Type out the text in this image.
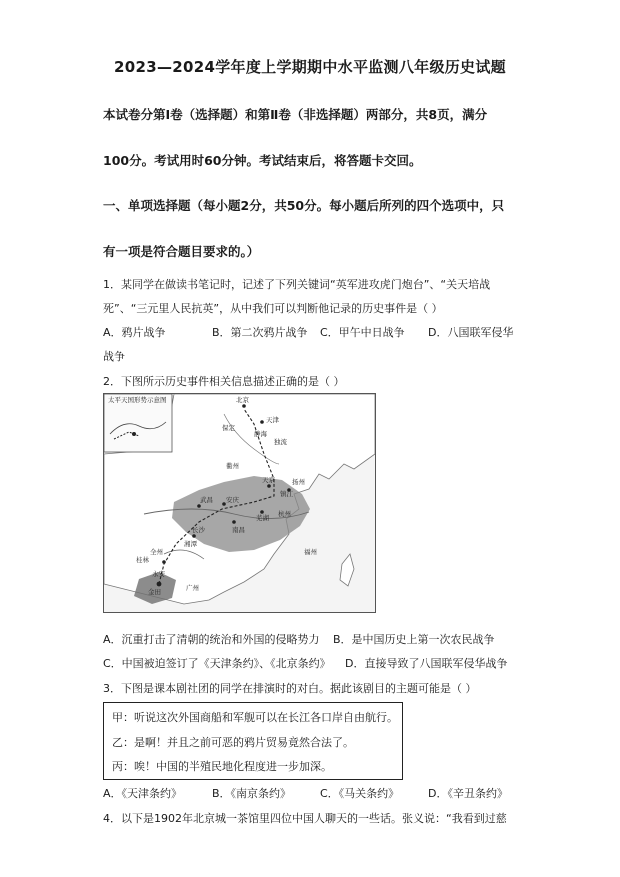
2023—2024学年度上学期期中水平监测八年级历史试题
本试卷分第Ⅰ卷（选择题）和第Ⅱ卷（非选择题）两部分，共8页，满分
100分。考试用时60分钟。考试结束后，将答题卡交回。
一、单项选择题（每小题2分，共50分。每小题后所列的四个选项中，只
有一项是符合题目要求的。）
1．某同学在做读书笔记时，记述了下列关键词“英军进攻虎门炮台”、“关天培战
死”、“三元里人民抗英”，从中我们可以判断他记录的历史事件是（ ）
A．鸦片战争	B．第二次鸦片战争 C．甲午中日战争 D．八国联军侵华
战争
2．下图所示历史事件相关信息描述正确的是（ ）
太平天国形势示意图	北京
天津
静海
独流
保定
衢州
天京	扬州
镇江
武昌 安庆
芜湖 杭州
南昌
长沙
湘潭
永安
桂林
全州
金田	广州
福州
A．沉重打击了清朝的统治和外国的侵略势力 B．是中国历史上第一次农民战争
C．中国被迫签订了《天津条约》、《北京条约》 D．直接导致了八国联军侵华战争
3．下图是课本剧社团的同学在排演时的对白。据此该剧目的主题可能是（ ）
甲：听说这次外国商船和军舰可以在长江各口岸自由航行。
乙：是啊！并且之前可恶的鸦片贸易竟然合法了。
丙：唉！中国的半殖民地化程度进一步加深。
A．《天津条约》	B．《南京条约》	C．《马关条约》	D．《辛丑条约》
4．以下是1902年北京城一茶馆里四位中国人聊天的一些话。张义说：“我看到过慈
